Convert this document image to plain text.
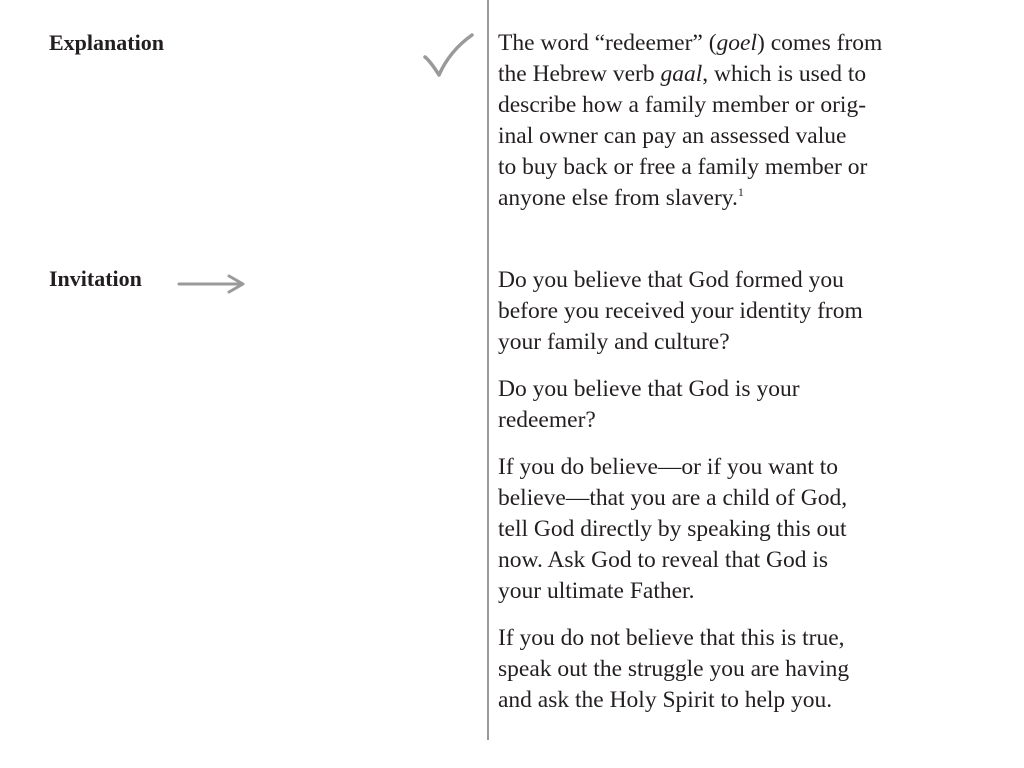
Explanation	The word “redeemer” (goel) comes from
the Hebrew verb gaal, which is used to
describe how a family member or orig-
inal owner can pay an assessed value
to buy back or free a family member or
anyone else from slavery.$^1$

Invitation	Do you believe that God formed you
before you received your identity from
your family and culture?

Do you believe that God is your
redeemer?

If you do believe—or if you want to
believe—that you are a child of God,
tell God directly by speaking this out
now. Ask God to reveal that God is
your ultimate Father.

If you do not believe that this is true,
speak out the struggle you are having
and ask the Holy Spirit to help you.
